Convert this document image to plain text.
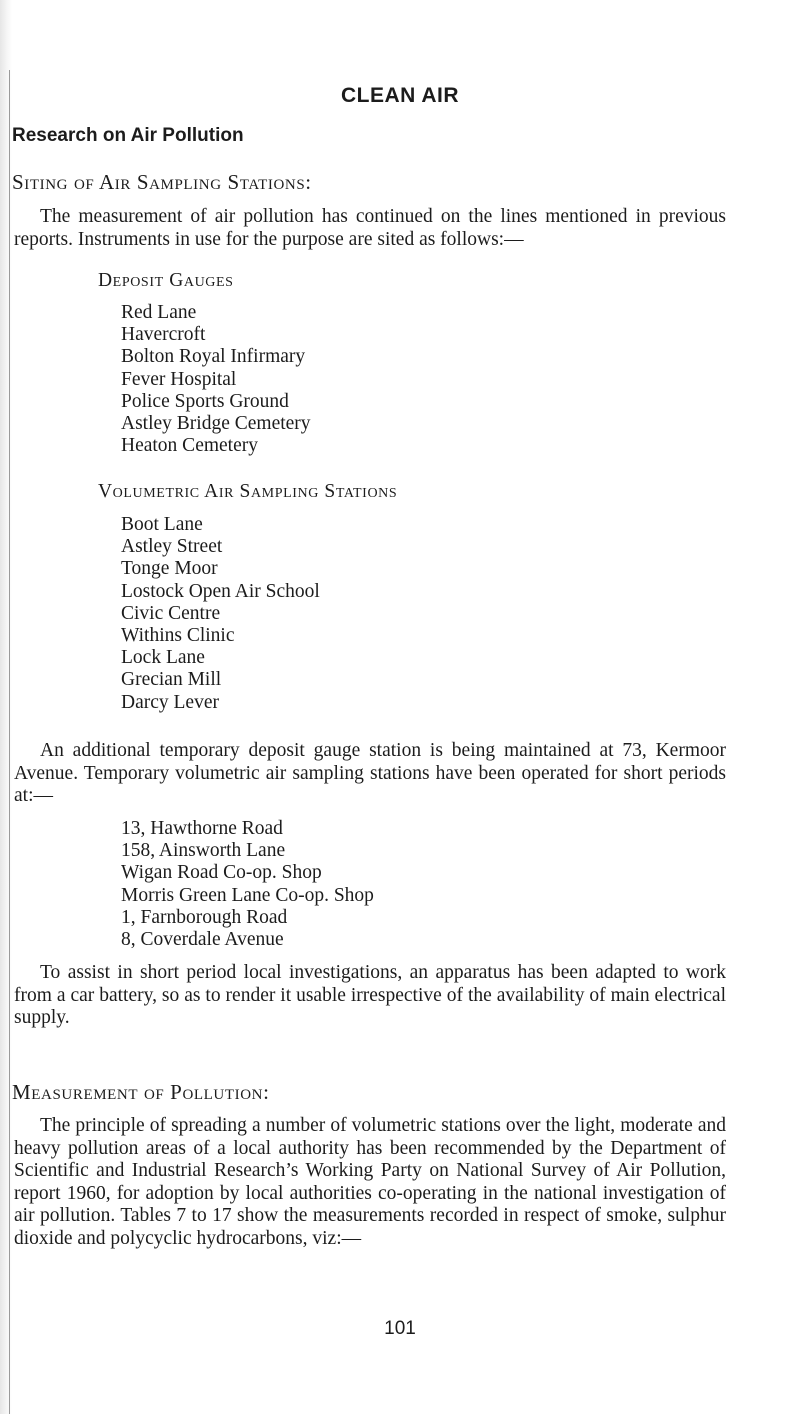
CLEAN AIR
Research on Air Pollution
Siting of Air Sampling Stations:

The measurement of air pollution has continued on the lines mentioned in previous reports. Instruments in use for the purpose are sited as follows:—

Deposit Gauges
Red Lane
Havercroft
Bolton Royal Infirmary
Fever Hospital
Police Sports Ground
Astley Bridge Cemetery
Heaton Cemetery
Volumetric Air Sampling Stations
Boot Lane
Astley Street
Tonge Moor
Lostock Open Air School
Civic Centre
Withins Clinic
Lock Lane
Grecian Mill
Darcy Lever

An additional temporary deposit gauge station is being maintained at 73, Kermoor Avenue. Temporary volumetric air sampling stations have been operated for short periods at:—

13, Hawthorne Road
158, Ainsworth Lane
Wigan Road Co-op. Shop
Morris Green Lane Co-op. Shop
1, Farnborough Road
8, Coverdale Avenue

To assist in short period local investigations, an apparatus has been adapted to work from a car battery, so as to render it usable irrespective of the availability of main electrical supply.

Measurement of Pollution:

The principle of spreading a number of volumetric stations over the light, moderate and heavy pollution areas of a local authority has been recommended by the Department of Scientific and Industrial Research’s Working Party on National Survey of Air Pollution, report 1960, for adoption by local authorities co-operating in the national investigation of air pollution. Tables 7 to 17 show the measurements recorded in respect of smoke, sulphur dioxide and polycyclic hydrocarbons, viz:—

101
